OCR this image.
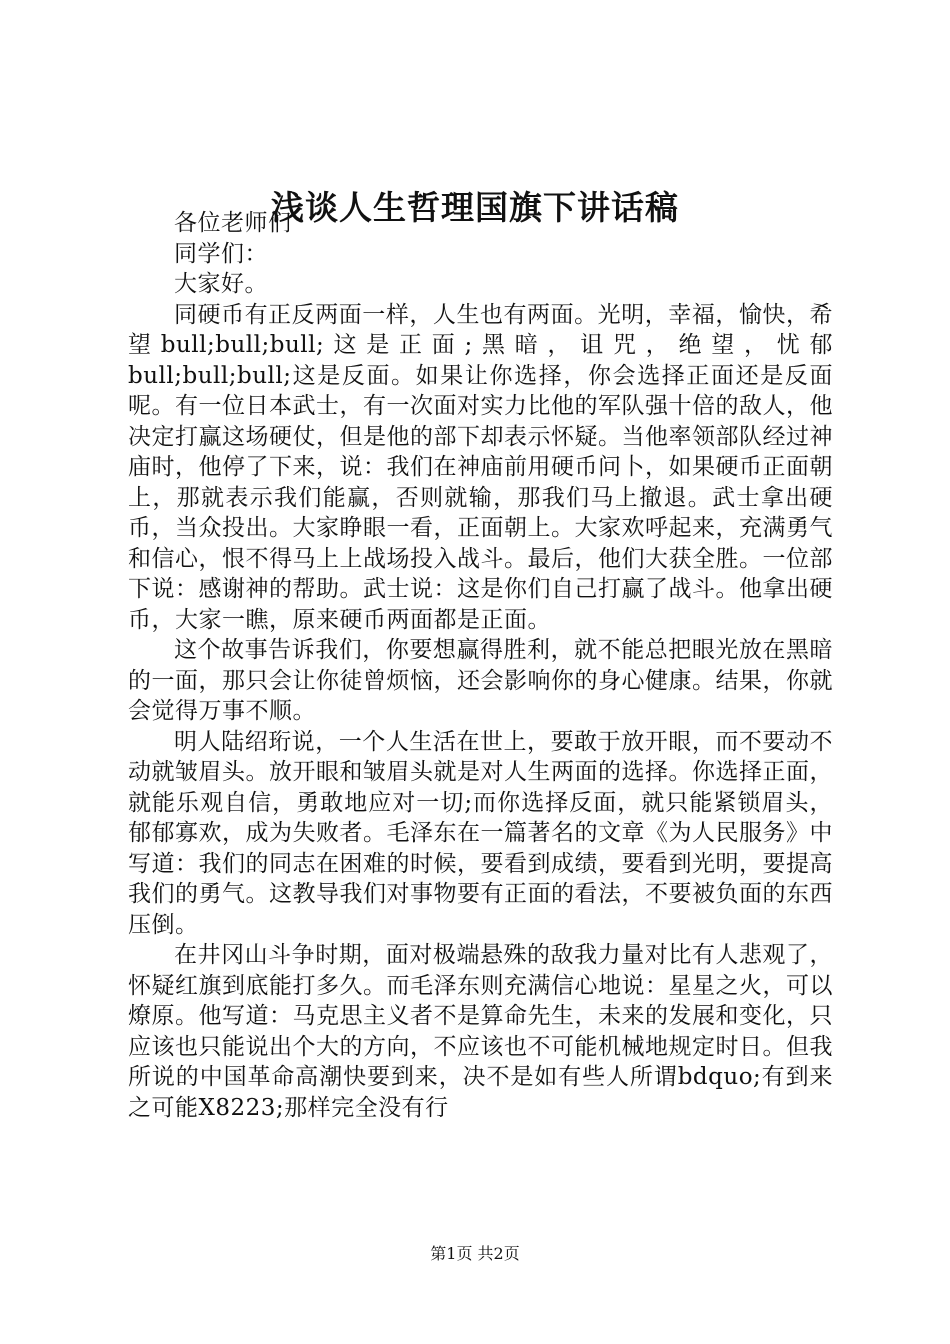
浅谈人生哲理国旗下讲话稿

各位老师们

同学们：

大家好。

同硬币有正反两面一样，人生也有两面。光明，幸福，愉快，希望bull;bull;bull;这是正面;黑暗，诅咒，绝望，忧郁bull;bull;bull;这是反面。如果让你选择，你会选择正面还是反面呢。有一位日本武士，有一次面对实力比他的军队强十倍的敌人，他决定打赢这场硬仗，但是他的部下却表示怀疑。当他率领部队经过神庙时，他停了下来，说：我们在神庙前用硬币问卜，如果硬币正面朝上，那就表示我们能赢，否则就输，那我们马上撤退。武士拿出硬币，当众投出。大家睁眼一看，正面朝上。大家欢呼起来，充满勇气和信心，恨不得马上上战场投入战斗。最后，他们大获全胜。一位部下说：感谢神的帮助。武士说：这是你们自己打赢了战斗。他拿出硬币，大家一瞧，原来硬币两面都是正面。

这个故事告诉我们，你要想赢得胜利，就不能总把眼光放在黑暗的一面，那只会让你徒曾烦恼，还会影响你的身心健康。结果，你就会觉得万事不顺。

明人陆绍珩说，一个人生活在世上，要敢于放开眼，而不要动不动就皱眉头。放开眼和皱眉头就是对人生两面的选择。你选择正面，就能乐观自信，勇敢地应对一切;而你选择反面，就只能紧锁眉头，郁郁寡欢，成为失败者。毛泽东在一篇著名的文章《为人民服务》中写道：我们的同志在困难的时候，要看到成绩，要看到光明，要提高我们的勇气。这教导我们对事物要有正面的看法，不要被负面的东西压倒。

在井冈山斗争时期，面对极端悬殊的敌我力量对比有人悲观了，怀疑红旗到底能打多久。而毛泽东则充满信心地说：星星之火，可以燎原。他写道：马克思主义者不是算命先生，未来的发展和变化，只应该也只能说出个大的方向，不应该也不可能机械地规定时日。但我所说的中国革命高潮快要到来，决不是如有些人所谓bdquo;有到来之可能X8223;那样完全没有行

第1页 共2页
